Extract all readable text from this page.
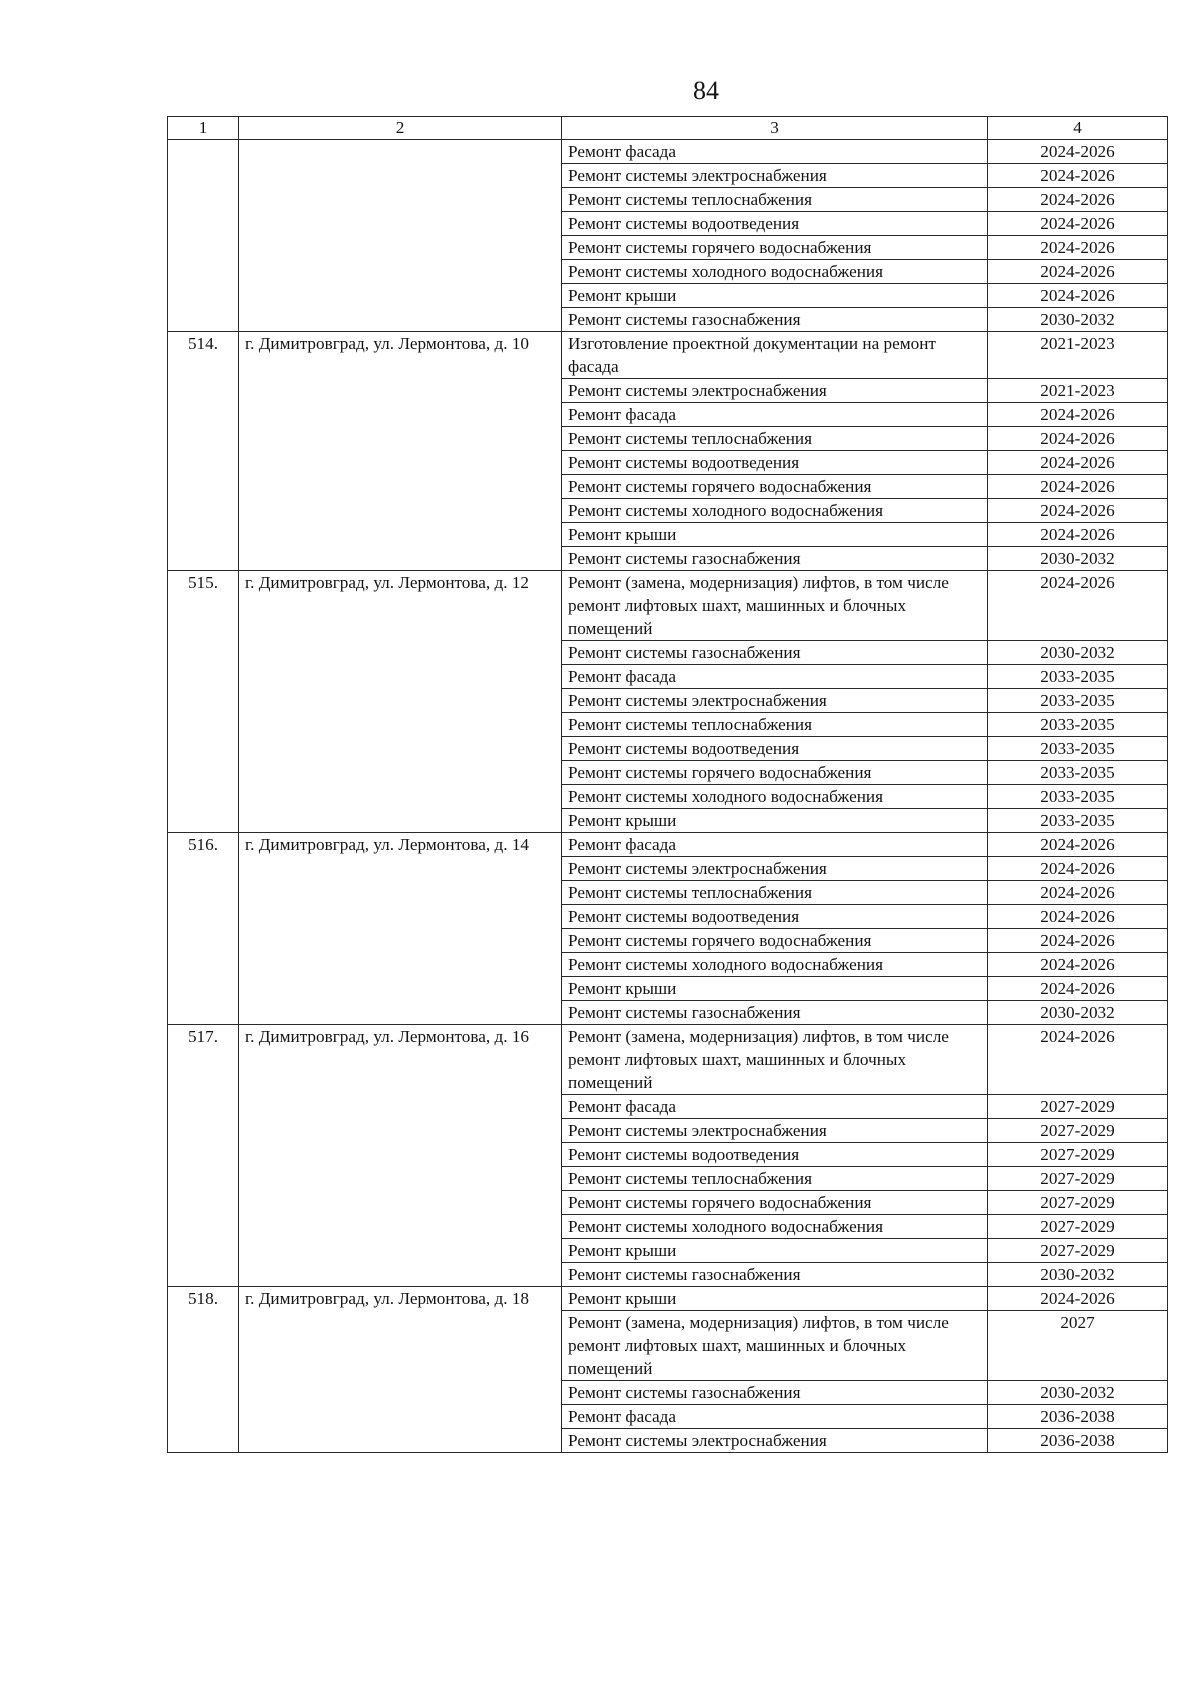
84
1	2	3	4
		Ремонт фасада	2024-2026
		Ремонт системы электроснабжения	2024-2026
		Ремонт системы теплоснабжения	2024-2026
		Ремонт системы водоотведения	2024-2026
		Ремонт системы горячего водоснабжения	2024-2026
		Ремонт системы холодного водоснабжения	2024-2026
		Ремонт крыши	2024-2026
		Ремонт системы газоснабжения	2030-2032
514.	г. Димитровград, ул. Лермонтова, д. 10	Изготовление проектной документации на ремонт фасада	2021-2023
		Ремонт системы электроснабжения	2021-2023
		Ремонт фасада	2024-2026
		Ремонт системы теплоснабжения	2024-2026
		Ремонт системы водоотведения	2024-2026
		Ремонт системы горячего водоснабжения	2024-2026
		Ремонт системы холодного водоснабжения	2024-2026
		Ремонт крыши	2024-2026
		Ремонт системы газоснабжения	2030-2032
515.	г. Димитровград, ул. Лермонтова, д. 12	Ремонт (замена, модернизация) лифтов, в том числе ремонт лифтовых шахт, машинных и блочных помещений	2024-2026
		Ремонт системы газоснабжения	2030-2032
		Ремонт фасада	2033-2035
		Ремонт системы электроснабжения	2033-2035
		Ремонт системы теплоснабжения	2033-2035
		Ремонт системы водоотведения	2033-2035
		Ремонт системы горячего водоснабжения	2033-2035
		Ремонт системы холодного водоснабжения	2033-2035
		Ремонт крыши	2033-2035
516.	г. Димитровград, ул. Лермонтова, д. 14	Ремонт фасада	2024-2026
		Ремонт системы электроснабжения	2024-2026
		Ремонт системы теплоснабжения	2024-2026
		Ремонт системы водоотведения	2024-2026
		Ремонт системы горячего водоснабжения	2024-2026
		Ремонт системы холодного водоснабжения	2024-2026
		Ремонт крыши	2024-2026
		Ремонт системы газоснабжения	2030-2032
517.	г. Димитровград, ул. Лермонтова, д. 16	Ремонт (замена, модернизация) лифтов, в том числе ремонт лифтовых шахт, машинных и блочных помещений	2024-2026
		Ремонт фасада	2027-2029
		Ремонт системы электроснабжения	2027-2029
		Ремонт системы водоотведения	2027-2029
		Ремонт системы теплоснабжения	2027-2029
		Ремонт системы горячего водоснабжения	2027-2029
		Ремонт системы холодного водоснабжения	2027-2029
		Ремонт крыши	2027-2029
		Ремонт системы газоснабжения	2030-2032
518.	г. Димитровград, ул. Лермонтова, д. 18	Ремонт крыши	2024-2026
		Ремонт (замена, модернизация) лифтов, в том числе ремонт лифтовых шахт, машинных и блочных помещений	2027
		Ремонт системы газоснабжения	2030-2032
		Ремонт фасада	2036-2038
		Ремонт системы электроснабжения	2036-2038
